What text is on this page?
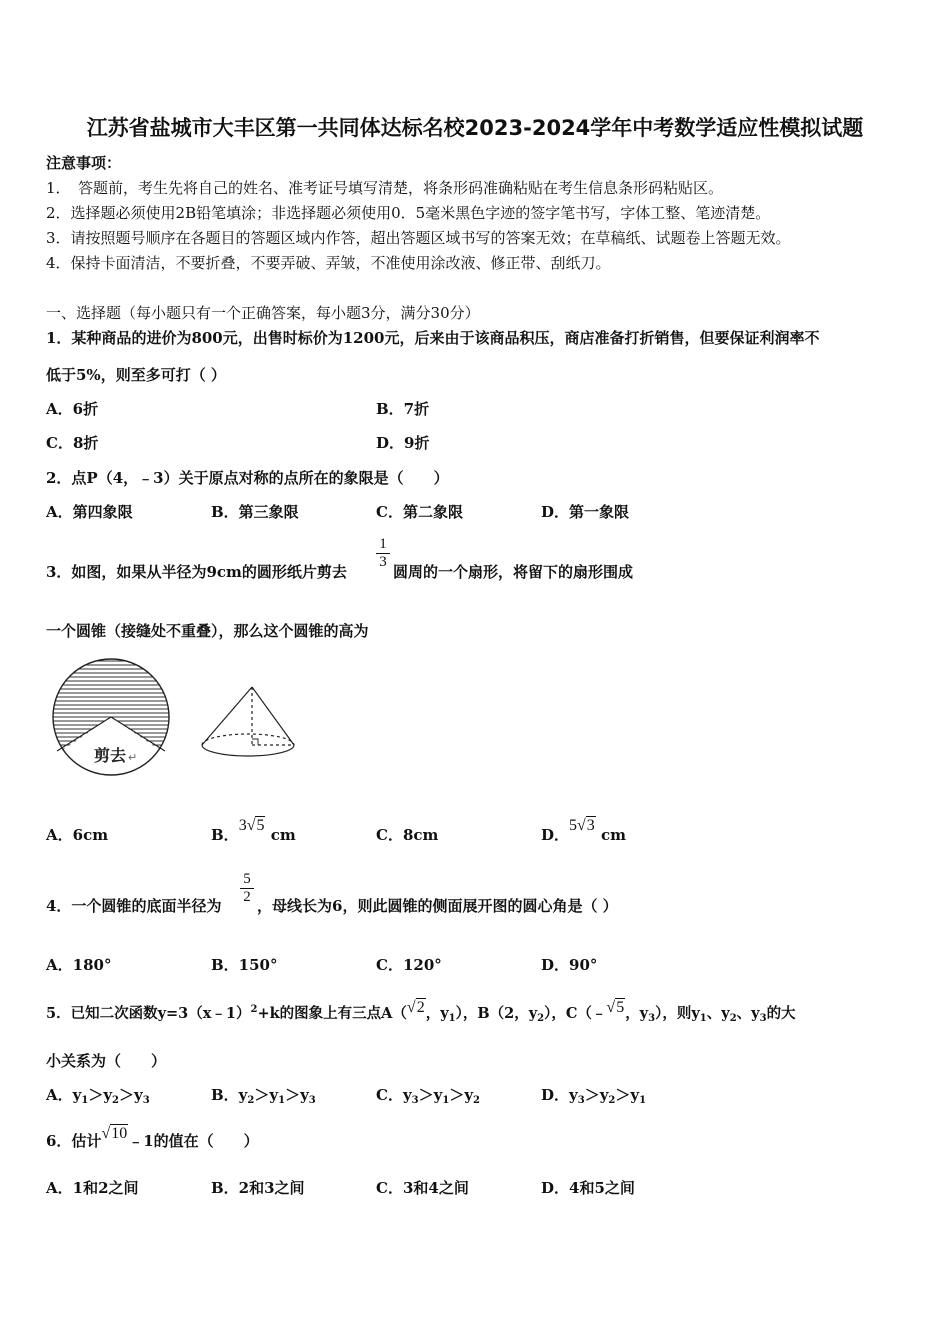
江苏省盐城市大丰区第一共同体达标名校2023-2024学年中考数学适应性模拟试题
注意事项：
1．　答题前，考生先将自己的姓名、准考证号填写清楚，将条形码准确粘贴在考生信息条形码粘贴区。
2．选择题必须使用2B铅笔填涂；非选择题必须使用0．5毫米黑色字迹的签字笔书写，字体工整、笔迹清楚。
3．请按照题号顺序在各题目的答题区域内作答，超出答题区域书写的答案无效；在草稿纸、试题卷上答题无效。
4．保持卡面清洁，不要折叠，不要弄破、弄皱，不准使用涂改液、修正带、刮纸刀。
一、选择题（每小题只有一个正确答案，每小题3分，满分30分）
1．某种商品的进价为800元，出售时标价为1200元，后来由于该商品积压，商店准备打折销售，但要保证利润率不
低于5%，则至多可打（ ）
A．6折	B．7折
C．8折	D．9折
2．点P（4，﹣3）关于原点对称的点所在的象限是（　　）
A．第四象限	B．第三象限	C．第二象限	D．第一象限
3．如图，如果从半径为9cm的圆形纸片剪去
$\frac{1}{3}$
圆周的一个扇形，将留下的扇形围成
一个圆锥（接缝处不重叠），那么这个圆锥的高为
剪去 ↵
A．6cm	B．3√5 cm	C．8cm	D．5√3 cm
4．一个圆锥的底面半径为 $\frac{5}{2}$ ，母线长为6，则此圆锥的侧面展开图的圆心角是（ ）
A．180°	B．150°	C．120°	D．90°
5．已知二次函数y=3（x﹣1）$^2$+k的图象上有三点A（√2，$y_1$），B（2，$y_2$），C（﹣√5，$y_3$），则$y_1$、$y_2$、$y_3$的大
小关系为（　　）
A．$y_1>y_2>y_3$	B．$y_2>y_1>y_3$	C．$y_3>y_1>y_2$	D．$y_3>y_2>y_1$
6．估计√10﹣1的值在（　　）
A．1和2之间	B．2和3之间	C．3和4之间	D．4和5之间
